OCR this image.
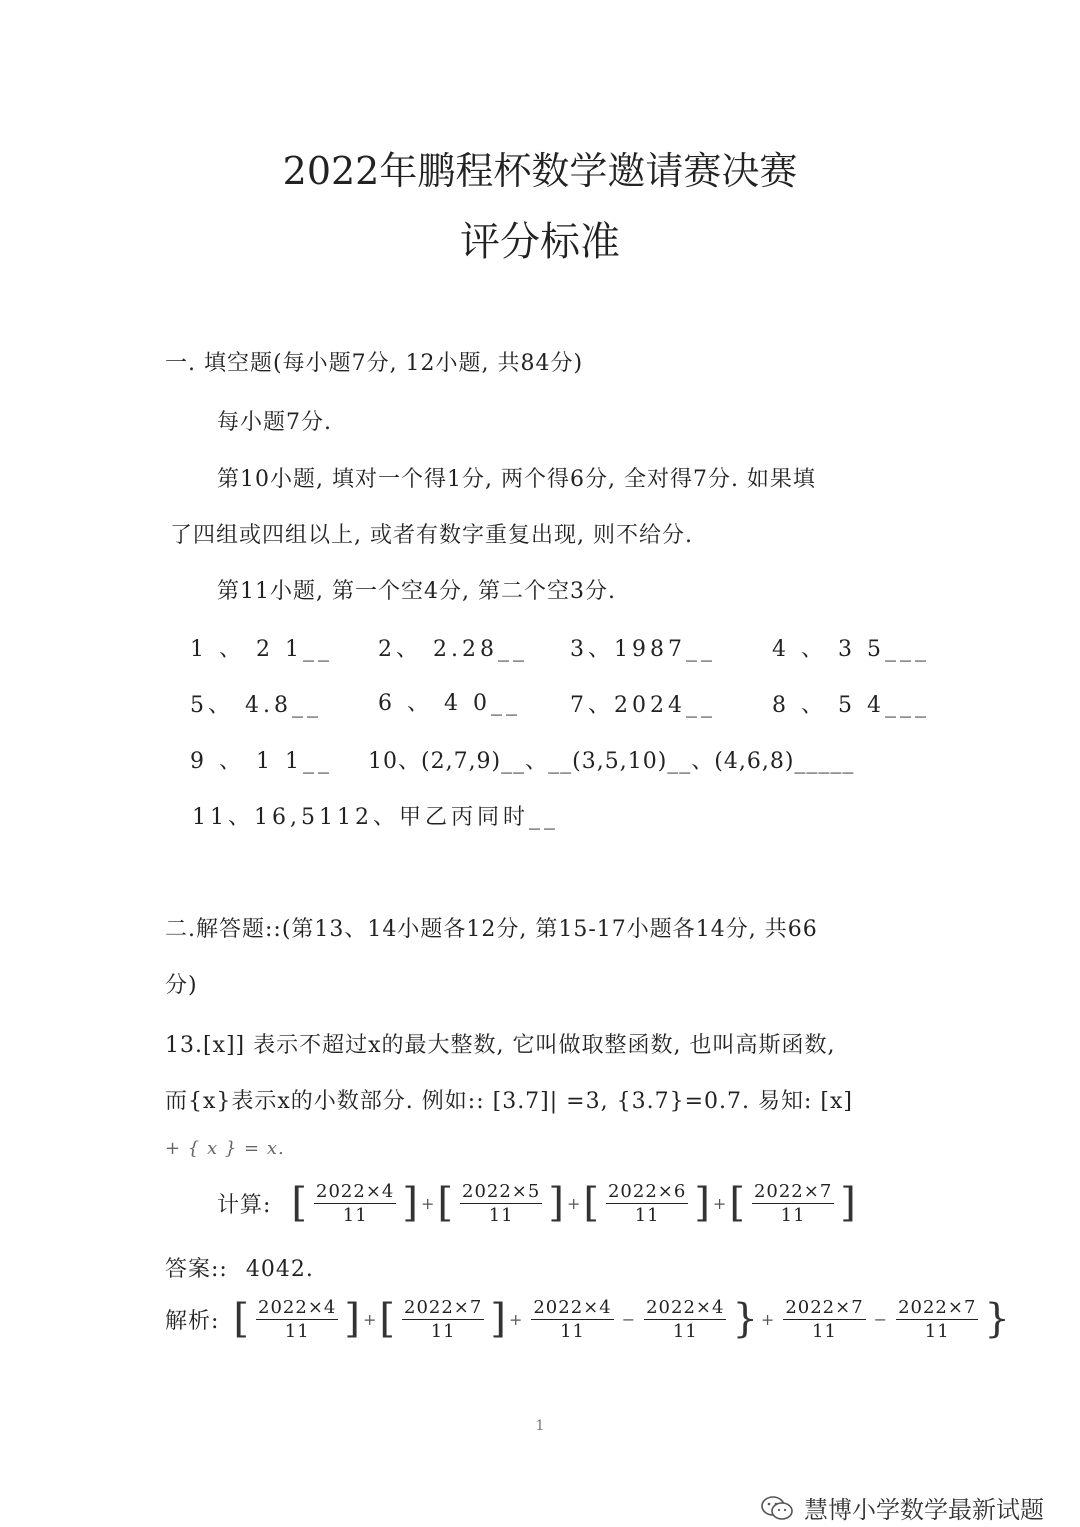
2022年鹏程杯数学邀请赛决赛
评分标准
一. 填空题(每小题7分, 12小题, 共84分)
每小题7分.
第10小题, 填对一个得1分, 两个得6分, 全对得7分. 如果填
了四组或四组以上, 或者有数字重复出现, 则不给分.
第11小题, 第一个空4分, 第二个空3分.
1 、 2 1__ 2、 2.28__ 3、1987__	4 、 3 5___
5、 4.8__	6 、 4 0__ 7、2024__	8 、 5 4___
9 、 1 1__ 10、(2,7,9)__、__(3,5,10)__、(4,6,8)_____
11、16,5112、甲乙丙同时__
二.解答题::(第13、14小题各12分, 第15-17小题各14分, 共66
分)
13.[x]] 表示不超过x的最大整数, 它叫做取整函数, 也叫高斯函数,
而{x}表示x的小数部分. 例如:: [3.7]| =3, {3.7}=0.7. 易知: [x]
+ { x } = x.
计算: [ $\frac{2022\times 4}{11}$ ] + [ $\frac{2022\times 5}{11}$ ] + [ $\frac{2022\times 6}{11}$ ] + [ $\frac{2022\times 7}{11}$ ]
答案:: 4042.
解析: [ $\frac{2022\times 4}{11}$ ] + [ $\frac{2022\times 7}{11}$ ] + $\frac{2022\times 4}{11} - \frac{2022\times 4}{11}$ } + $\frac{2022\times 7}{11} - \frac{2022\times 7}{11}$ }
1
慧博小学数学最新试题
